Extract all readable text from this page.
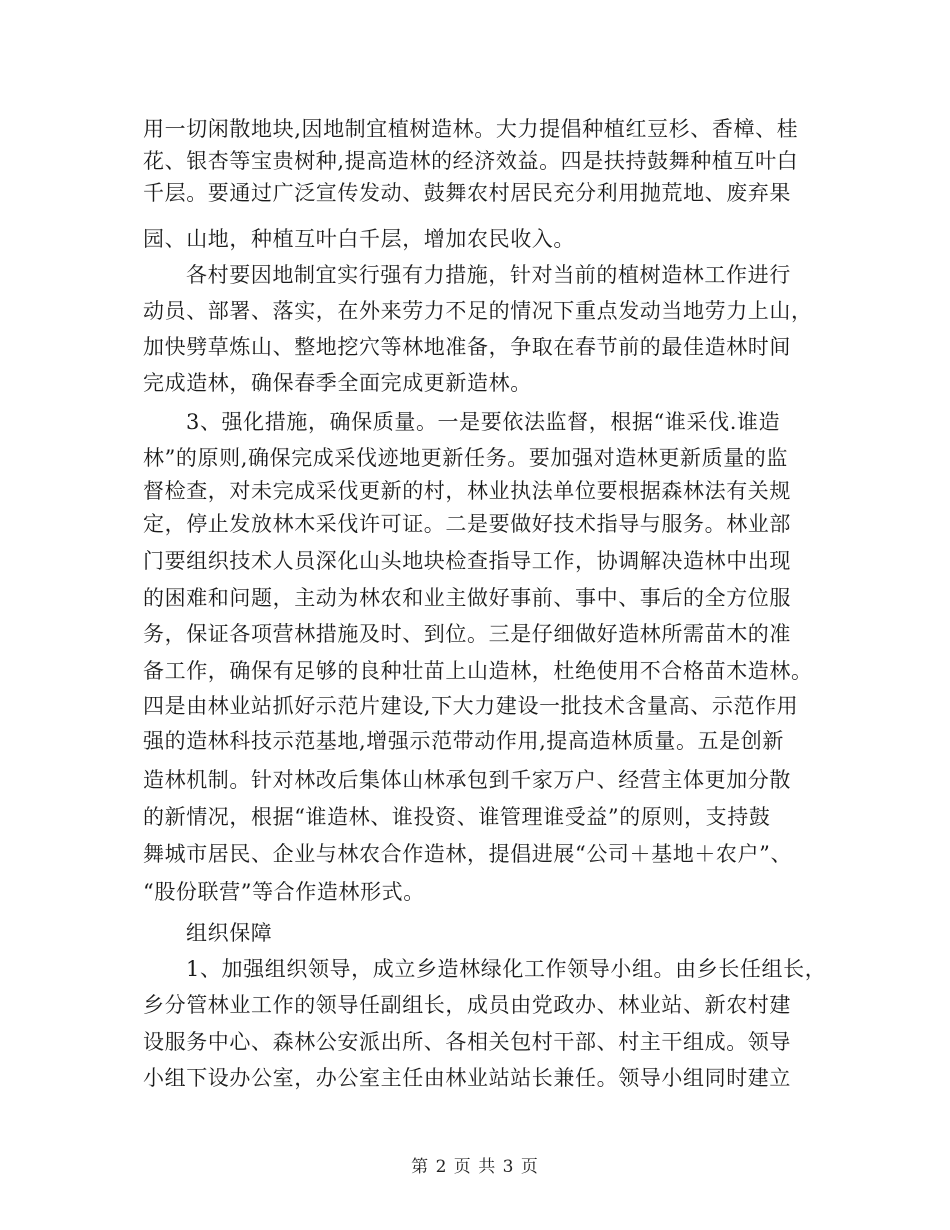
用一切闲散地块,因地制宜植树造林。大力提倡种植红豆杉、香樟、桂
花、银杏等宝贵树种,提高造林的经济效益。四是扶持鼓舞种植互叶白
千层。要通过广泛宣传发动、鼓舞农村居民充分利用抛荒地、废弃果
园、山地，种植互叶白千层，增加农民收入。
各村要因地制宜实行强有力措施，针对当前的植树造林工作进行
动员、部署、落实，在外来劳力不足的情况下重点发动当地劳力上山，
加快劈草炼山、整地挖穴等林地准备，争取在春节前的最佳造林时间
完成造林，确保春季全面完成更新造林。
3、强化措施，确保质量。一是要依法监督，根据“谁采伐.谁造
林”的原则,确保完成采伐迹地更新任务。要加强对造林更新质量的监
督检查，对未完成采伐更新的村，林业执法单位要根据森林法有关规
定，停止发放林木采伐许可证。二是要做好技术指导与服务。林业部
门要组织技术人员深化山头地块检查指导工作，协调解决造林中出现
的困难和问题，主动为林农和业主做好事前、事中、事后的全方位服
务，保证各项营林措施及时、到位。三是仔细做好造林所需苗木的准
备工作，确保有足够的良种壮苗上山造林，杜绝使用不合格苗木造林。
四是由林业站抓好示范片建设,下大力建设一批技术含量高、示范作用
强的造林科技示范基地,增强示范带动作用,提高造林质量。五是创新
造林机制。针对林改后集体山林承包到千家万户、经营主体更加分散
的新情况，根据“谁造林、谁投资、谁管理谁受益”的原则，支持鼓
舞城市居民、企业与林农合作造林，提倡进展“公司＋基地＋农户”、
“股份联营”等合作造林形式。
组织保障
1、加强组织领导，成立乡造林绿化工作领导小组。由乡长任组长，
乡分管林业工作的领导任副组长，成员由党政办、林业站、新农村建
设服务中心、森林公安派出所、各相关包村干部、村主干组成。领导
小组下设办公室，办公室主任由林业站站长兼任。领导小组同时建立
第 2 页 共 3 页
